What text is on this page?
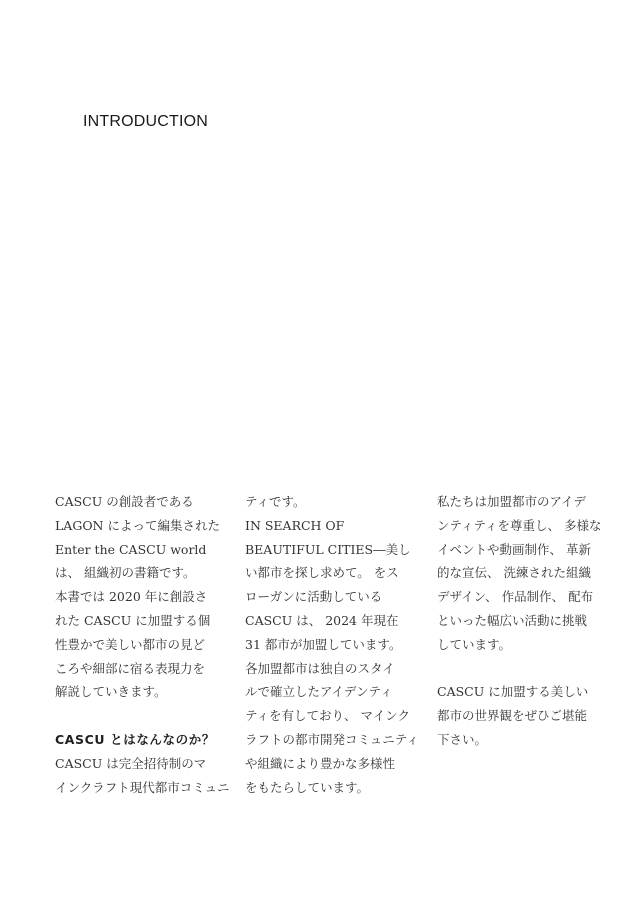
INTRODUCTION

CASCU の創設者である
LAGON によって編集された
Enter the CASCU world
は、 組織初の書籍です。
本書では 2020 年に創設さ
れた CASCU に加盟する個
性豊かで美しい都市の見ど
ころや細部に宿る表現力を
解説していきます。

CASCU とはなんなのか？

CASCU は完全招待制のマ
インクラフト現代都市コミュニ

ティです。
IN SEARCH OF
BEAUTIFUL CITIES―美し
い都市を探し求めて。 をス
ローガンに活動している
CASCU は、 2024 年現在
31 都市が加盟しています。
各加盟都市は独自のスタイ
ルで確立したアイデンティ
ティを有しており、 マインク
ラフトの都市開発コミュニティ
や組織により豊かな多様性
をもたらしています。

私たちは加盟都市のアイデ
ンティティを尊重し、 多様な
イベントや動画制作、 革新
的な宣伝、 洗練された組織
デザイン、 作品制作、 配布
といった幅広い活動に挑戦
しています。

CASCU に加盟する美しい
都市の世界観をぜひご堪能
下さい。
